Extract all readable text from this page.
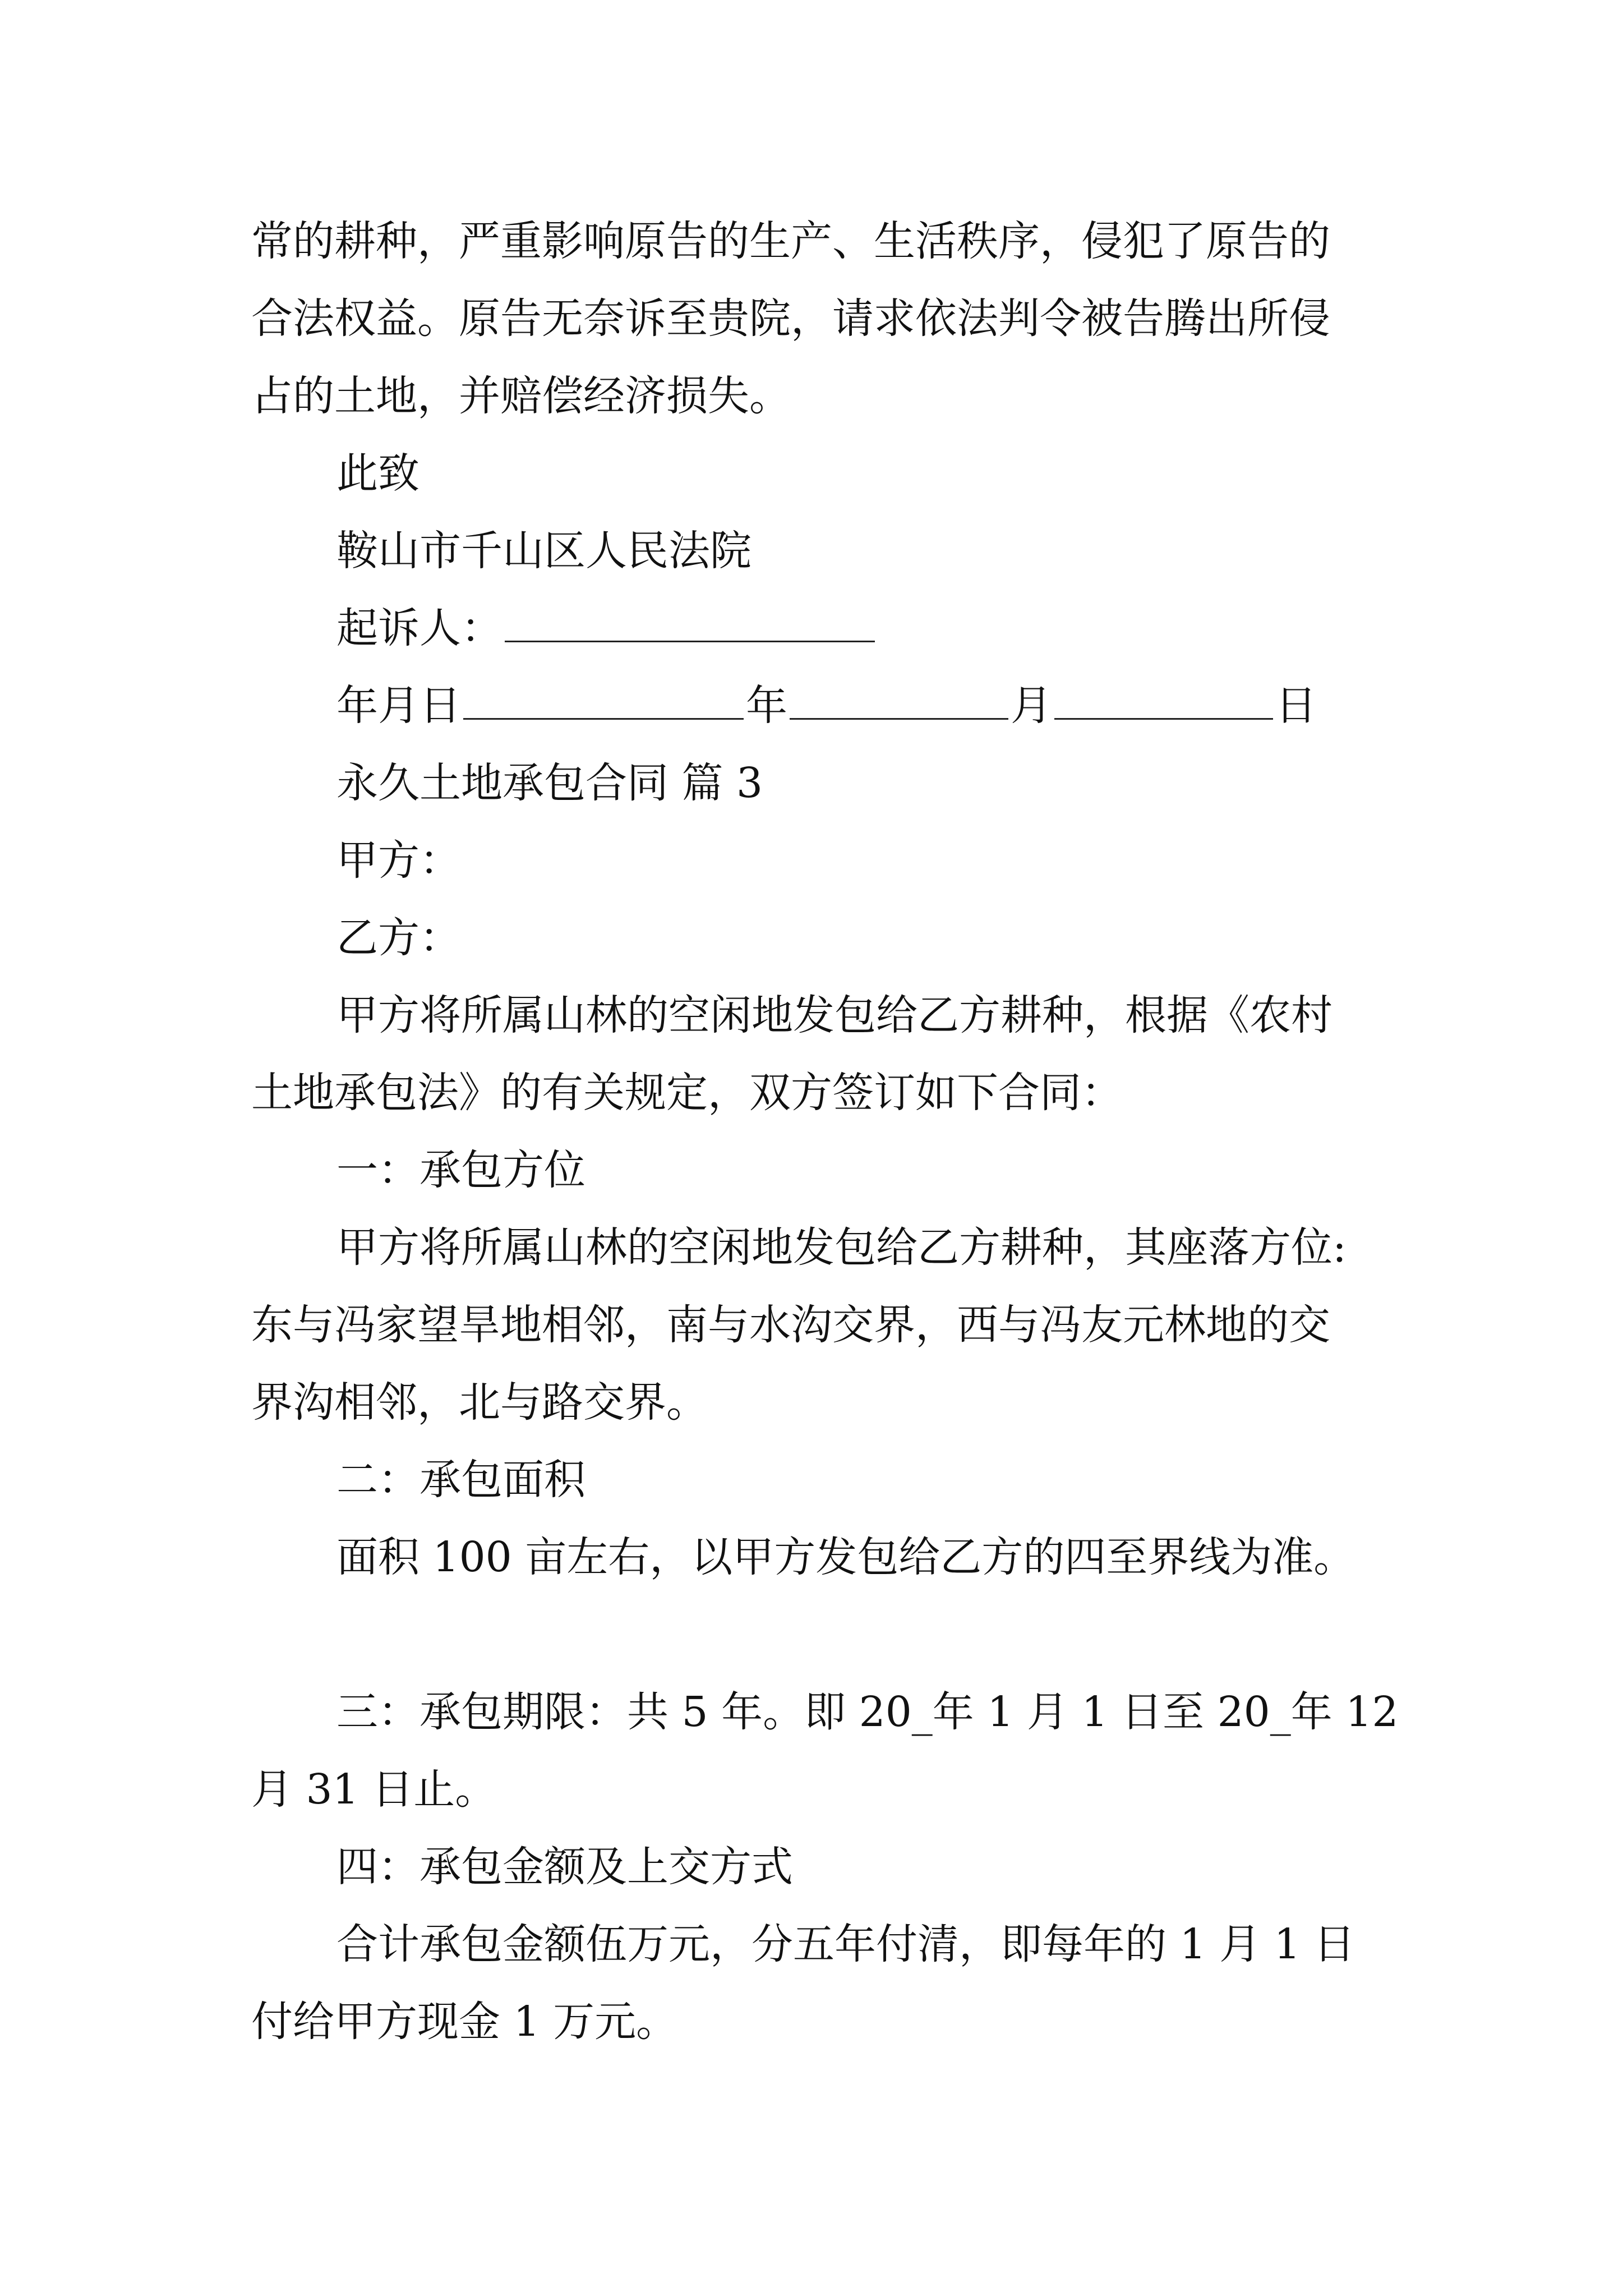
常的耕种，严重影响原告的生产、生活秩序，侵犯了原告的
合法权益。原告无奈诉至贵院，请求依法判令被告腾出所侵
占的土地，并赔偿经济损失。
此致
鞍山市千山区人民法院
起诉人：
年月日	年	月	日
永久土地承包合同 篇 3
甲方：
乙方：
甲方将所属山林的空闲地发包给乙方耕种，根据《农村
土地承包法》的有关规定，双方签订如下合同：
一：承包方位
甲方将所属山林的空闲地发包给乙方耕种，其座落方位:
东与冯家望旱地相邻，南与水沟交界，西与冯友元林地的交
界沟相邻，北与路交界。
二：承包面积
面积 100 亩左右，以甲方发包给乙方的四至界线为准。
三：承包期限：共 5 年。即 20_年 1 月 1 日至 20_年 12
月 31 日止。
四：承包金额及上交方式
合计承包金额伍万元，分五年付清，即每年的 1 月 1 日
付给甲方现金 1 万元。
